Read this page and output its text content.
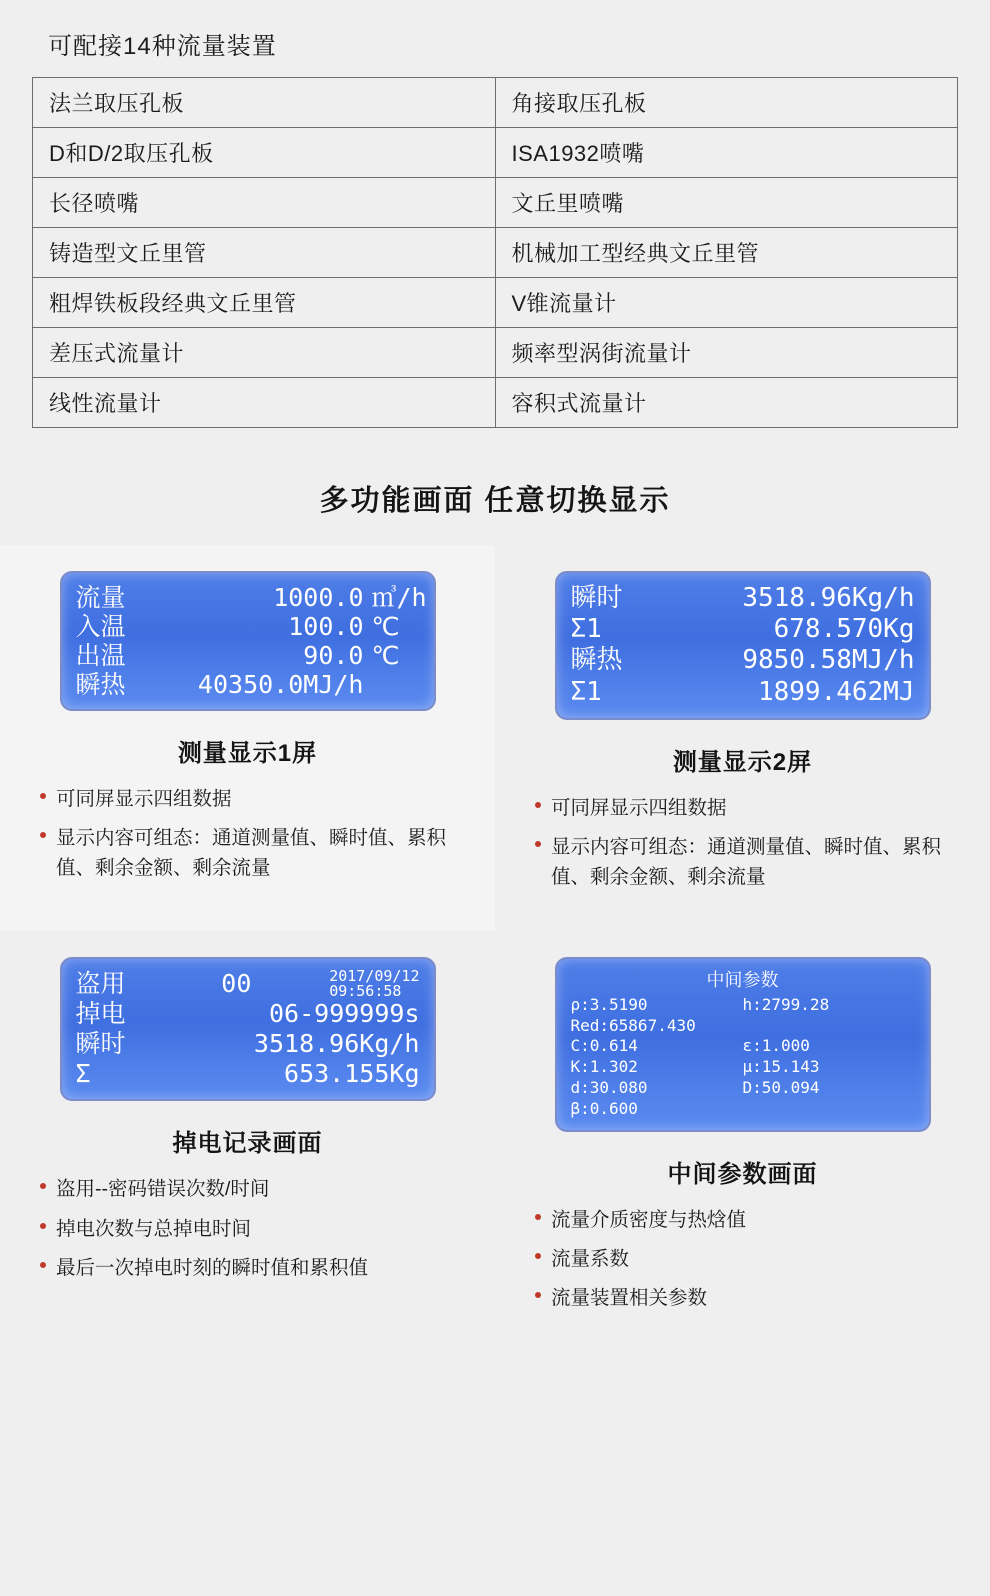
可配接14种流量装置
法兰取压孔板	角接取压孔板
D和D/2取压孔板	ISA1932喷嘴
长径喷嘴	文丘里喷嘴
铸造型文丘里管	机械加工型经典文丘里管
粗焊铁板段经典文丘里管	V锥流量计
差压式流量计	频率型涡街流量计
线性流量计	容积式流量计
多功能画面 任意切换显示
流量	1000.0 ㎥/h
入温	100.0 ℃
出温	90.0 ℃
瞬热	40350.0MJ/h
测量显示1屏
可同屏显示四组数据
显示内容可组态：通道测量值、瞬时值、累积值、剩余金额、剩余流量
瞬时	3518.96Kg/h
Σ1	678.570Kg
瞬热	9850.58MJ/h
Σ1	1899.462MJ
测量显示2屏
可同屏显示四组数据
显示内容可组态：通道测量值、瞬时值、累积值、剩余金额、剩余流量
盗用	00	2017/09/12
09:56:58
掉电	06-999999s
瞬时	3518.96Kg/h
Σ	653.155Kg
掉电记录画面
盗用--密码错误次数/时间
掉电次数与总掉电时间
最后一次掉电时刻的瞬时值和累积值
中间参数
ρ:3.5190	h:2799.28
Red:65867.430
C:0.614	ε:1.000
K:1.302	μ:15.143
d:30.080	D:50.094
β:0.600
中间参数画面
流量介质密度与热焓值
流量系数
流量装置相关参数
